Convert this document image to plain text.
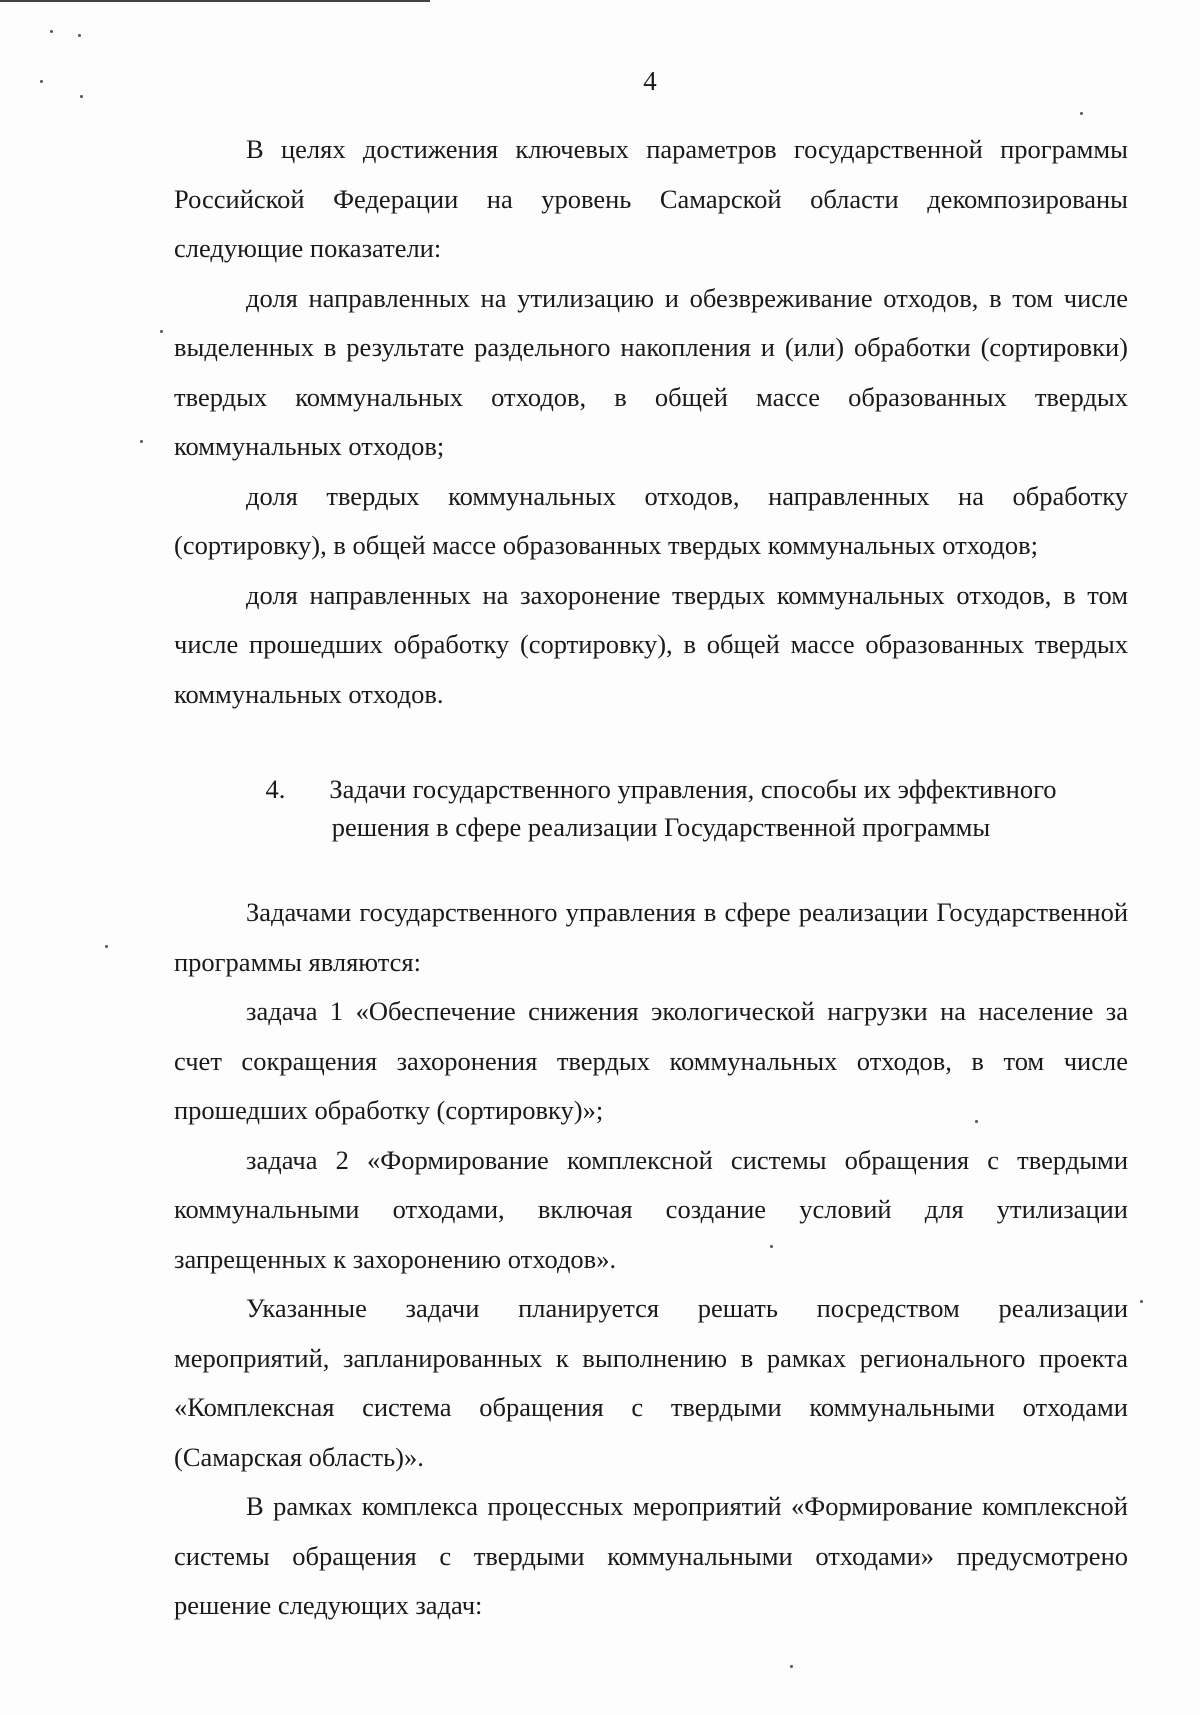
4

В целях достижения ключевых параметров государственной программы Российской Федерации на уровень Самарской области декомпозированы следующие показатели:

доля направленных на утилизацию и обезвреживание отходов, в том числе выделенных в результате раздельного накопления и (или) обработки (сортировки) твердых коммунальных отходов, в общей массе образованных твердых коммунальных отходов;

доля твердых коммунальных отходов, направленных на обработку (сортировку), в общей массе образованных твердых коммунальных отходов;

доля направленных на захоронение твердых коммунальных отходов, в том числе прошедших обработку (сортировку), в общей массе образованных твердых коммунальных отходов.

4. Задачи государственного управления, способы их эффективного
решения в сфере реализации Государственной программы

Задачами государственного управления в сфере реализации Государственной программы являются:

задача 1 «Обеспечение снижения экологической нагрузки на население за счет сокращения захоронения твердых коммунальных отходов, в том числе прошедших обработку (сортировку)»;

задача 2 «Формирование комплексной системы обращения с твердыми коммунальными отходами, включая создание условий для утилизации запрещенных к захоронению отходов».

Указанные задачи планируется решать посредством реализации мероприятий, запланированных к выполнению в рамках регионального проекта «Комплексная система обращения с твердыми коммунальными отходами (Самарская область)».

В рамках комплекса процессных мероприятий «Формирование комплексной системы обращения с твердыми коммунальными отходами» предусмотрено решение следующих задач:
